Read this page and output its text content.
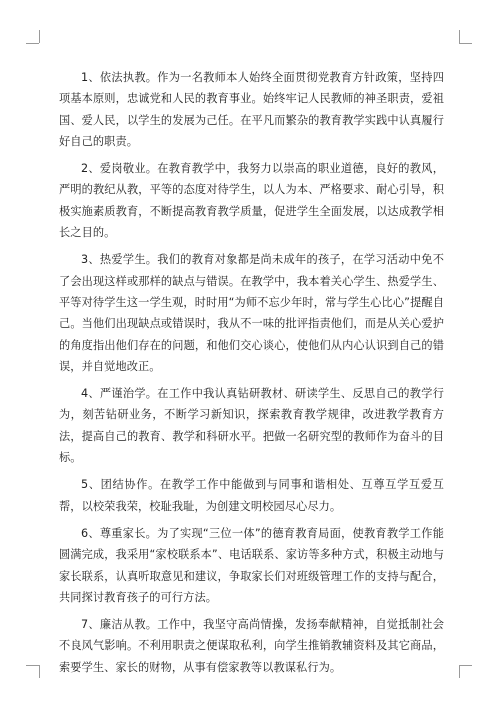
1、依法执教。作为一名教师本人始终全面贯彻党教育方针政策，坚持四项基本原则，忠诚党和人民的教育事业。始终牢记人民教师的神圣职责，爱祖国、爱人民，以学生的发展为己任。在平凡而繁杂的教育教学实践中认真履行好自己的职责。

2、爱岗敬业。在教育教学中，我努力以崇高的职业道德，良好的教风，严明的教纪从教，平等的态度对待学生，以人为本、严格要求、耐心引导，积极实施素质教育，不断提高教育教学质量，促进学生全面发展，以达成教学相长之目的。

3、热爱学生。我们的教育对象都是尚未成年的孩子，在学习活动中免不了会出现这样或那样的缺点与错误。在教学中，我本着关心学生、热爱学生、平等对待学生这一学生观，时时用“为师不忘少年时，常与学生心比心”提醒自己。当他们出现缺点或错误时，我从不一味的批评指责他们，而是从关心爱护的角度指出他们存在的问题，和他们交心谈心，使他们从内心认识到自己的错误，并自觉地改正。

4、严谨治学。在工作中我认真钻研教材、研读学生、反思自己的教学行为，刻苦钻研业务，不断学习新知识，探索教育教学规律，改进教学教育方法，提高自己的教育、教学和科研水平。把做一名研究型的教师作为奋斗的目标。

5、团结协作。在教学工作中能做到与同事和谐相处、互尊互学互爱互帮，以校荣我荣，校耻我耻，为创建文明校园尽心尽力。

6、尊重家长。为了实现“三位一体”的德育教育局面，使教育教学工作能圆满完成，我采用“家校联系本”、电话联系、家访等多种方式，积极主动地与家长联系，认真听取意见和建议，争取家长们对班级管理工作的支持与配合，共同探讨教育孩子的可行方法。

7、廉洁从教。工作中，我坚守高尚情操，发扬奉献精神，自觉抵制社会不良风气影响。不利用职责之便谋取私利，向学生推销教辅资料及其它商品，索要学生、家长的财物，从事有偿家教等以教谋私行为。
